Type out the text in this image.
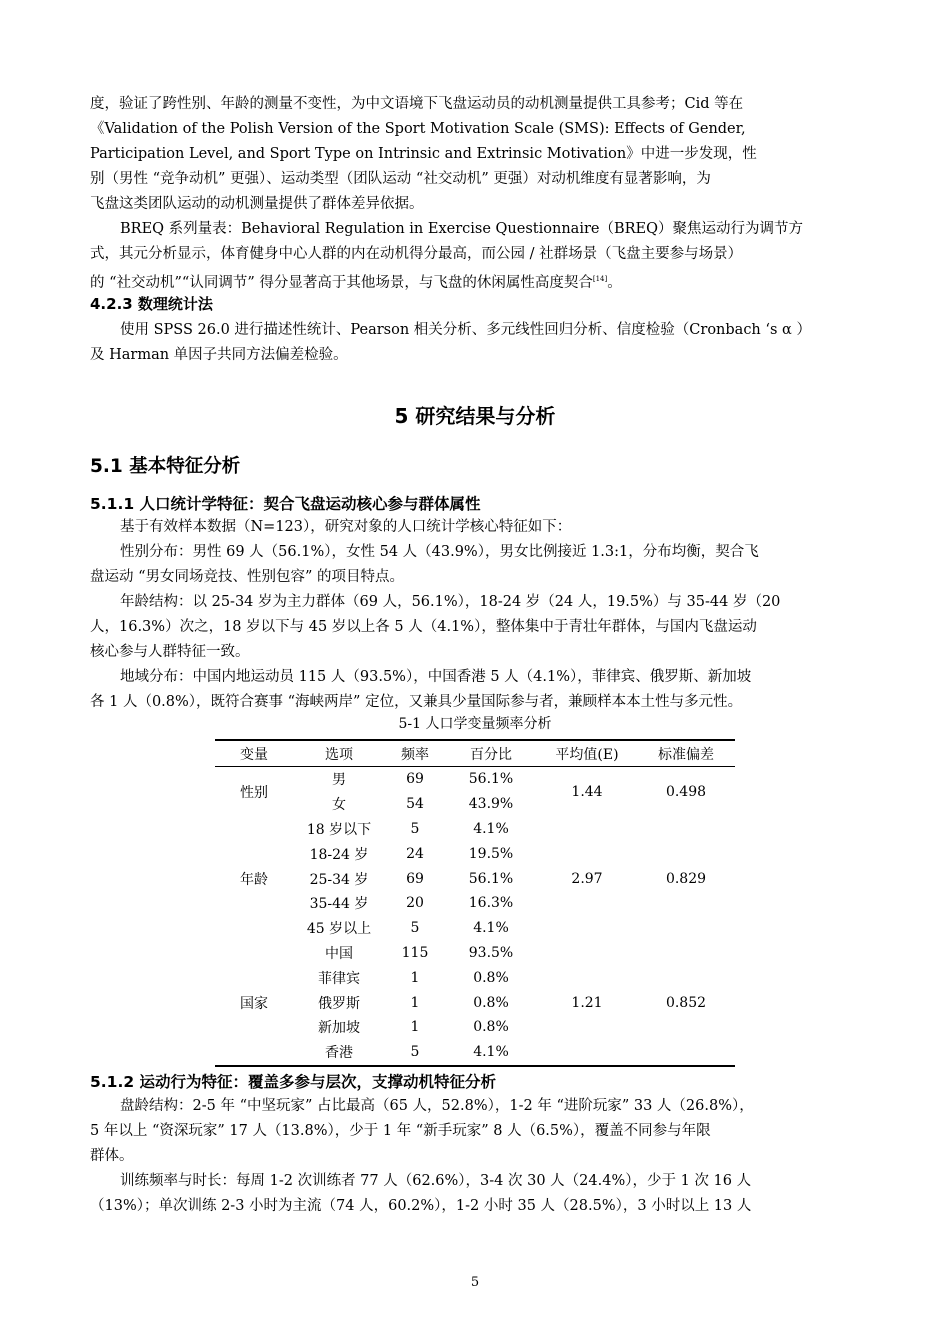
度，验证了跨性别、年龄的测量不变性，为中文语境下飞盘运动员的动机测量提供工具参考；Cid 等在

《Validation of the Polish Version of the Sport Motivation Scale (SMS): Effects of Gender,

Participation Level, and Sport Type on Intrinsic and Extrinsic Motivation》中进一步发现，性

别（男性 “竞争动机” 更强）、运动类型（团队运动 “社交动机” 更强）对动机维度有显著影响，为

飞盘这类团队运动的动机测量提供了群体差异依据。

BREQ 系列量表：Behavioral Regulation in Exercise Questionnaire（BREQ）聚焦运动行为调节方

式，其元分析显示，体育健身中心人群的内在动机得分最高，而公园 / 社群场景（飞盘主要参与场景）

的 “社交动机”“认同调节” 得分显著高于其他场景，与飞盘的休闲属性高度契合[14]。

4.2.3 数理统计法

使用 SPSS 26.0 进行描述性统计、Pearson 相关分析、多元线性回归分析、信度检验（Cronbach ‘s α ）

及 Harman 单因子共同方法偏差检验。

5 研究结果与分析
5.1 基本特征分析
5.1.1 人口统计学特征：契合飞盘运动核心参与群体属性

基于有效样本数据（N=123），研究对象的人口统计学核心特征如下：

性别分布：男性 69 人（56.1%），女性 54 人（43.9%），男女比例接近 1.3:1，分布均衡，契合飞

盘运动 “男女同场竞技、性别包容” 的项目特点。

年龄结构：以 25-34 岁为主力群体（69 人，56.1%），18-24 岁（24 人，19.5%）与 35-44 岁（20

人，16.3%）次之，18 岁以下与 45 岁以上各 5 人（4.1%），整体集中于青壮年群体，与国内飞盘运动

核心参与人群特征一致。

地域分布：中国内地运动员 115 人（93.5%），中国香港 5 人（4.1%），菲律宾、俄罗斯、新加坡

各 1 人（0.8%），既符合赛事 “海峡两岸” 定位，又兼具少量国际参与者，兼顾样本本土性与多元性。

5-1 人口学变量频率分析
变量	选项	频率	百分比	平均值(E)	标准偏差
性别	男	69	56.1%	1.44	0.498
	女	54	43.9%		
年龄	18 岁以下	5	4.1%	2.97	0.829
	18-24 岁	24	19.5%		
	25-34 岁	69	56.1%		
	35-44 岁	20	16.3%		
	45 岁以上	5	4.1%		
国家	中国	115	93.5%	1.21	0.852
	菲律宾	1	0.8%		
	俄罗斯	1	0.8%		
	新加坡	1	0.8%		
	香港	5	4.1%		
5.1.2 运动行为特征：覆盖多参与层次，支撑动机特征分析

盘龄结构：2-5 年 “中坚玩家” 占比最高（65 人，52.8%），1-2 年 “进阶玩家” 33 人（26.8%），

5 年以上 “资深玩家” 17 人（13.8%），少于 1 年 “新手玩家” 8 人（6.5%），覆盖不同参与年限

群体。

训练频率与时长：每周 1-2 次训练者 77 人（62.6%），3-4 次 30 人（24.4%），少于 1 次 16 人

（13%）；单次训练 2-3 小时为主流（74 人，60.2%），1-2 小时 35 人（28.5%），3 小时以上 13 人

5
